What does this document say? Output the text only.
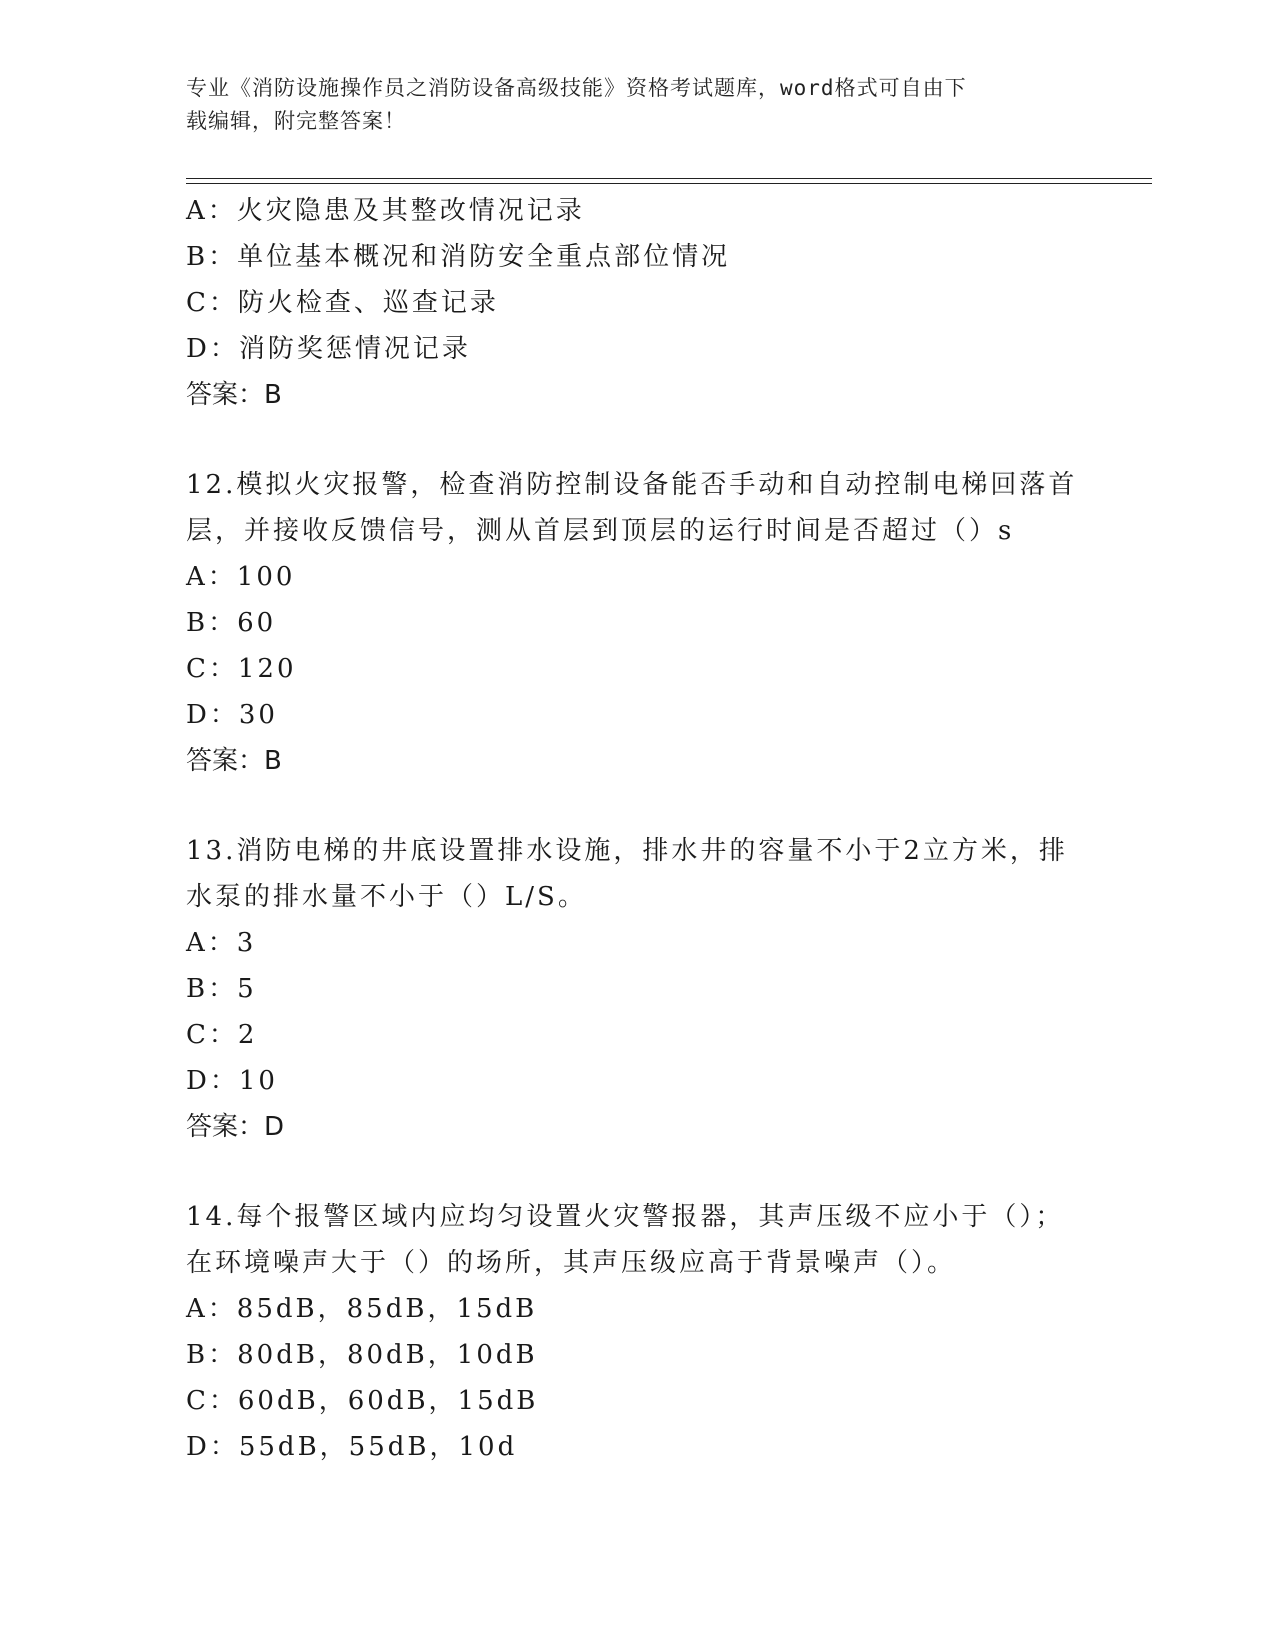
专业《消防设施操作员之消防设备高级技能》资格考试题库，word格式可自由下
载编辑，附完整答案！
A：火灾隐患及其整改情况记录
B：单位基本概况和消防安全重点部位情况
C：防火检查、巡查记录
D：消防奖惩情况记录
答案：B
12.模拟火灾报警，检查消防控制设备能否手动和自动控制电梯回落首
层，并接收反馈信号，测从首层到顶层的运行时间是否超过（）s
A：100
B：60
C：120
D：30
答案：B
13.消防电梯的井底设置排水设施，排水井的容量不小于2立方米，排
水泵的排水量不小于（）L/S。
A：3
B：5
C：2
D：10
答案：D
14.每个报警区域内应均匀设置火灾警报器，其声压级不应小于（）；
在环境噪声大于（）的场所，其声压级应高于背景噪声（）。
A：85dB，85dB，15dB
B：80dB，80dB，10dB
C：60dB，60dB，15dB
D：55dB，55dB，10d
